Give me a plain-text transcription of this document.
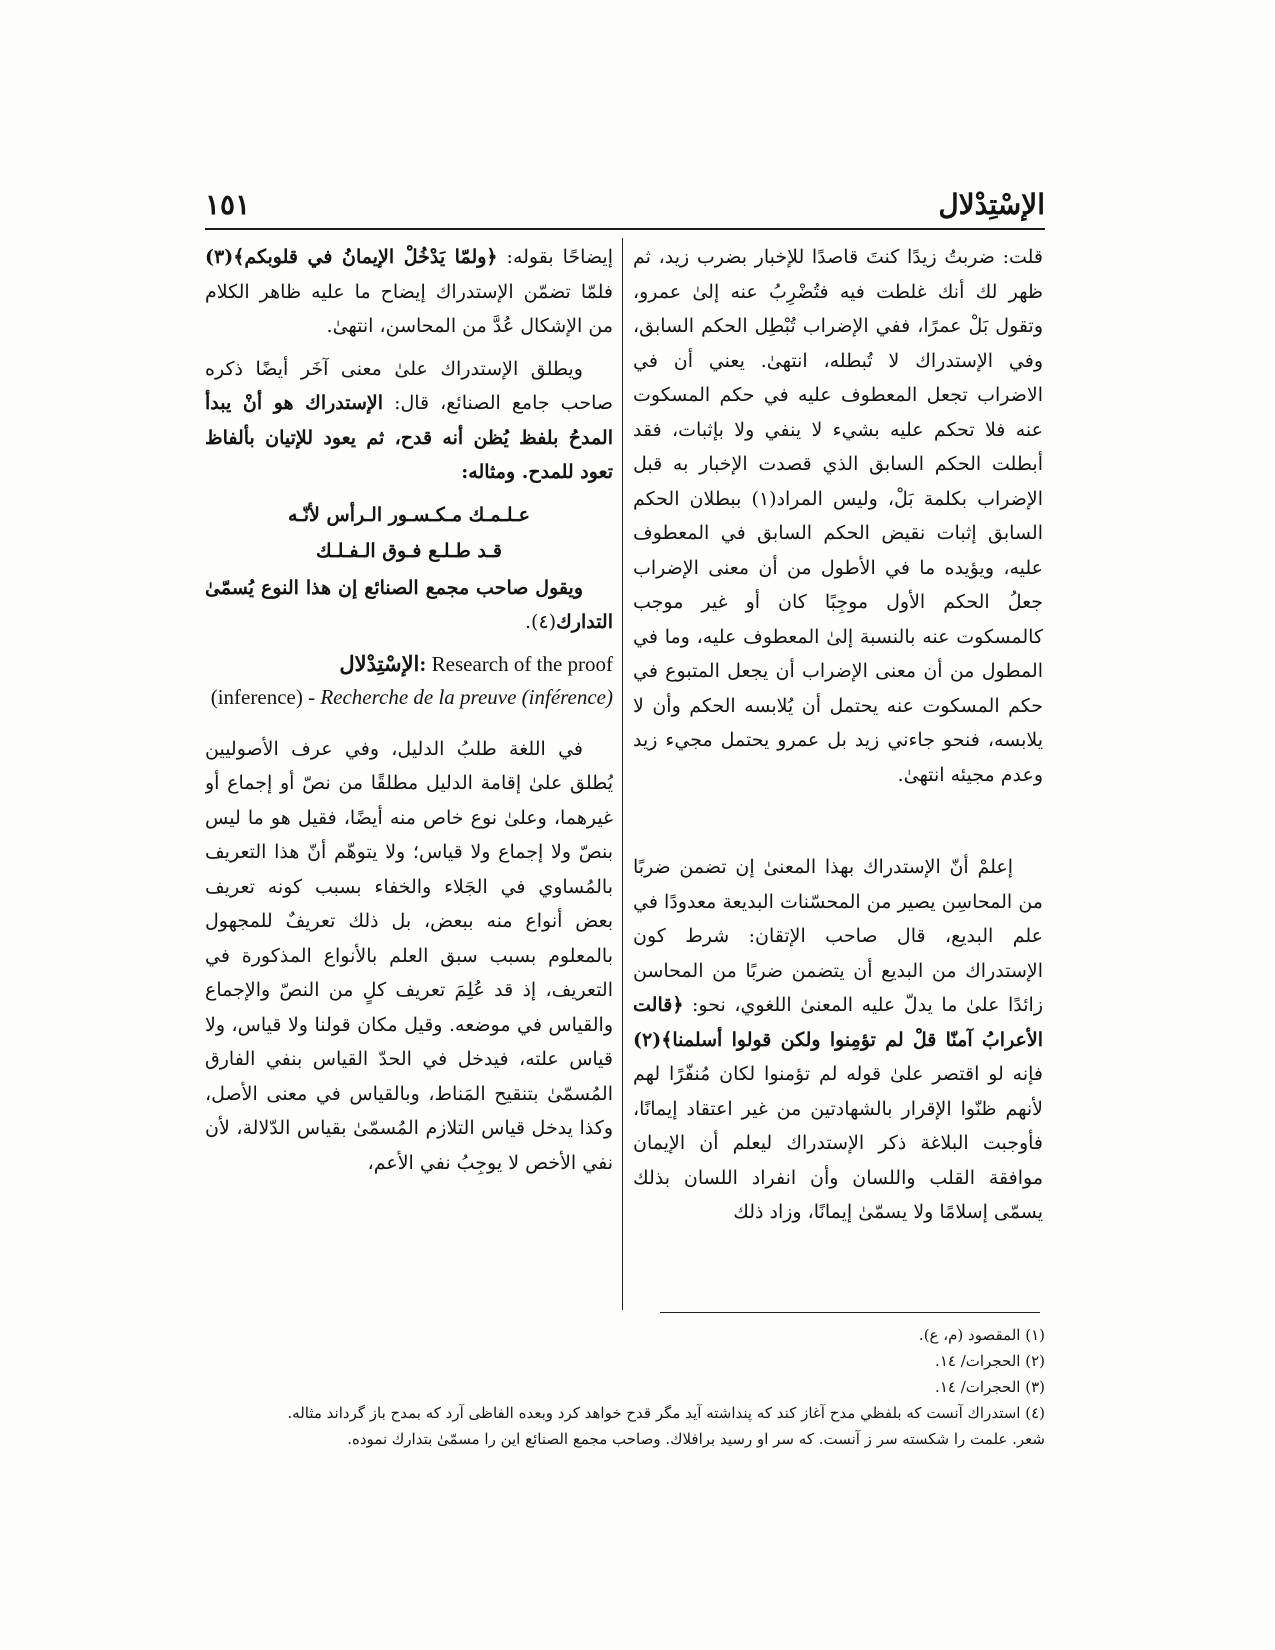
الإسْتِدْلال
١٥١

قلت: ضربتُ زيدًا كنتَ قاصدًا للإخبار بضرب زيد، ثم ظهر لك أنك غلطت فيه فتُضْرِبُ عنه إلىٰ عمرو، وتقول بَلْ عمرًا، ففي الإضراب تُبْطِل الحكم السابق، وفي الإستدراك لا تُبطله، انتهىٰ. يعني أن في الاضراب تجعل المعطوف عليه في حكم المسكوت عنه فلا تحكم عليه بشيء لا ينفي ولا بإثبات، فقد أبطلت الحكم السابق الذي قصدت الإخبار به قبل الإضراب بكلمة بَلْ، وليس المراد(١) ببطلان الحكم السابق إثبات نقيض الحكم السابق في المعطوف عليه، ويؤيده ما في الأطول من أن معنى الإضراب جعلُ الحكم الأول موجِبًا كان أو غير موجب كالمسكوت عنه بالنسبة إلىٰ المعطوف عليه، وما في المطول من أن معنى الإضراب أن يجعل المتبوع في حكم المسكوت عنه يحتمل أن يُلابسه الحكم وأن لا يلابسه، فنحو جاءني زيد بل عمرو يحتمل مجيء زيد وعدم مجيئه انتهىٰ.

إعلمْ أنّ الإستدراك بهذا المعنىٰ إن تضمن ضربًا من المحاسِن يصير من المحسّنات البديعة معدودًا في علم البديع، قال صاحب الإتقان: شرط كون الإستدراك من البديع أن يتضمن ضربًا من المحاسن زائدًا علىٰ ما يدلّ عليه المعنىٰ اللغوي، نحو: ﴿قالت الأعرابُ آمنّا قلْ لم تؤمِنوا ولكن قولوا أسلمنا﴾(٢) فإنه لو اقتصر علىٰ قوله لم تؤمنوا لكان مُنفّرًا لهم لأنهم ظنّوا الإقرار بالشهادتين من غير اعتقاد إيمانًا، فأوجبت البلاغة ذكر الإستدراك ليعلم أن الإيمان موافقة القلب واللسان وأن انفراد اللسان بذلك يسمّى إسلامًا ولا يسمّىٰ إيمانًا، وزاد ذلك

إيضاحًا بقوله: ﴿ولمّا يَدْخُلْ الإيمانُ في قلوبكم﴾(٣) فلمّا تضمّن الإستدراك إيضاح ما عليه ظاهر الكلام من الإشكال عُدَّ من المحاسن، انتهىٰ.

ويطلق الإستدراك علىٰ معنى آخَر أيضًا ذكره صاحب جامع الصنائع، قال: الإستدراك هو أنْ يبدأ المدحُ بلفظ يُظن أنه قدح، ثم يعود للإتيان بألفاظ تعود للمدح. ومثاله:

عـلـمـك مـكـسـور الـرأس لأنّـه
قـد طـلـع فـوق الـفـلـك

ويقول صاحب مجمع الصنائع إن هذا النوع يُسمّىٰ التدارك(٤).

الإسْتِدْلال: Research of the proof
(inference) - Recherche de la preuve (inférence)

في اللغة طلبُ الدليل، وفي عرف الأصوليين يُطلق علىٰ إقامة الدليل مطلقًا من نصّ أو إجماع أو غيرهما، وعلىٰ نوع خاص منه أيضًا، فقيل هو ما ليس بنصّ ولا إجماع ولا قياس؛ ولا يتوهّم أنّ هذا التعريف بالمُساوي في الجَلاء والخفاء بسبب كونه تعريف بعض أنواع منه ببعض، بل ذلك تعريفٌ للمجهول بالمعلوم بسبب سبق العلم بالأنواع المذكورة في التعريف، إذ قد عُلِمَ تعريف كلٍ من النصّ والإجماع والقياس في موضعه. وقيل مكان قولنا ولا قياس، ولا قياس علته، فيدخل في الحدّ القياس بنفي الفارق المُسمّىٰ بتنقيح المَناط، وبالقياس في معنى الأصل، وكذا يدخل قياس التلازم المُسمّىٰ بقياس الدّلالة، لأن نفي الأخص لا يوجِبُ نفي الأعم،

(١) المقصود (م، ع).

(٢) الحجرات/ ١٤.

(٣) الحجرات/ ١٤.

(٤) استدراك آنست كه بلفظي مدح آغاز كند كه پنداشته آيد مگر قدح خواهد كرد وبعده الفاظى آرد كه بمدح باز گرداند مثاله.

شعر. علمت را شكسته سر ز آنست. كه سر او رسيد برافلاك. وصاحب مجمع الصنائع اين را مسمّىٰ بتدارك نموده.
